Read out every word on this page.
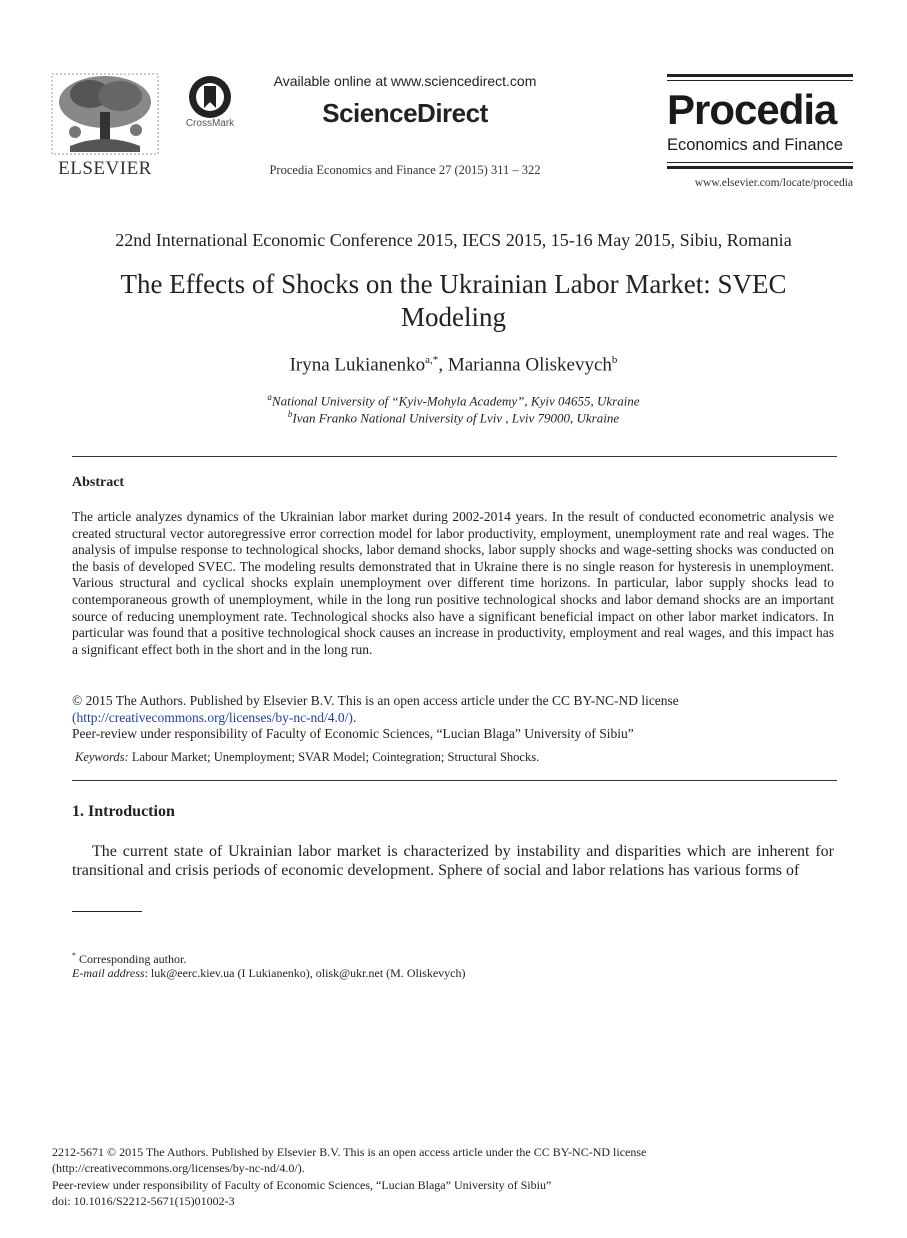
ELSEVIER
CrossMark
Available online at www.sciencedirect.com
ScienceDirect
Procedia Economics and Finance 27 (2015) 311 – 322
Procedia
Economics and Finance
www.elsevier.com/locate/procedia
22nd International Economic Conference 2015, IECS 2015, 15-16 May 2015, Sibiu, Romania
The Effects of Shocks on the Ukrainian Labor Market: SVEC Modeling
Iryna Lukianenko$^{a,*}$, Marianna Oliskevych$^b$
$^a$National University of “Kyiv-Mohyla Academy”, Kyiv 04655, Ukraine
$^b$Ivan Franko National University of Lviv , Lviv 79000, Ukraine
Abstract
The article analyzes dynamics of the Ukrainian labor market during 2002-2014 years. In the result of conducted econometric analysis we created structural vector autoregressive error correction model for labor productivity, employment, unemployment rate and real wages. The analysis of impulse response to technological shocks, labor demand shocks, labor supply shocks and wage-setting shocks was conducted on the basis of developed SVEC. The modeling results demonstrated that in Ukraine there is no single reason for hysteresis in unemployment. Various structural and cyclical shocks explain unemployment over different time horizons. In particular, labor supply shocks lead to contemporaneous growth of unemployment, while in the long run positive technological shocks and labor demand shocks are an important source of reducing unemployment rate. Technological shocks also have a significant beneficial impact on other labor market indicators. In particular was found that a positive technological shock causes an increase in productivity, employment and real wages, and this impact has a significant effect both in the short and in the long run.
© 2015 The Authors. Published by Elsevier B.V. This is an open access article under the CC BY-NC-ND license
(http://creativecommons.org/licenses/by-nc-nd/4.0/).
Peer-review under responsibility of Faculty of Economic Sciences, “Lucian Blaga” University of Sibiu”
Keywords: Labour Market; Unemployment; SVAR Model; Cointegration; Structural Shocks.
1. Introduction
The current state of Ukrainian labor market is characterized by instability and disparities which are inherent for transitional and crisis periods of economic development. Sphere of social and labor relations has various forms of
* Corresponding author.
E-mail address: luk@eerc.kiev.ua (I Lukianenko), olisk@ukr.net (M. Oliskevych)
2212-5671 © 2015 The Authors. Published by Elsevier B.V. This is an open access article under the CC BY-NC-ND license
(http://creativecommons.org/licenses/by-nc-nd/4.0/).
Peer-review under responsibility of Faculty of Economic Sciences, “Lucian Blaga” University of Sibiu”
doi: 10.1016/S2212-5671(15)01002-3
